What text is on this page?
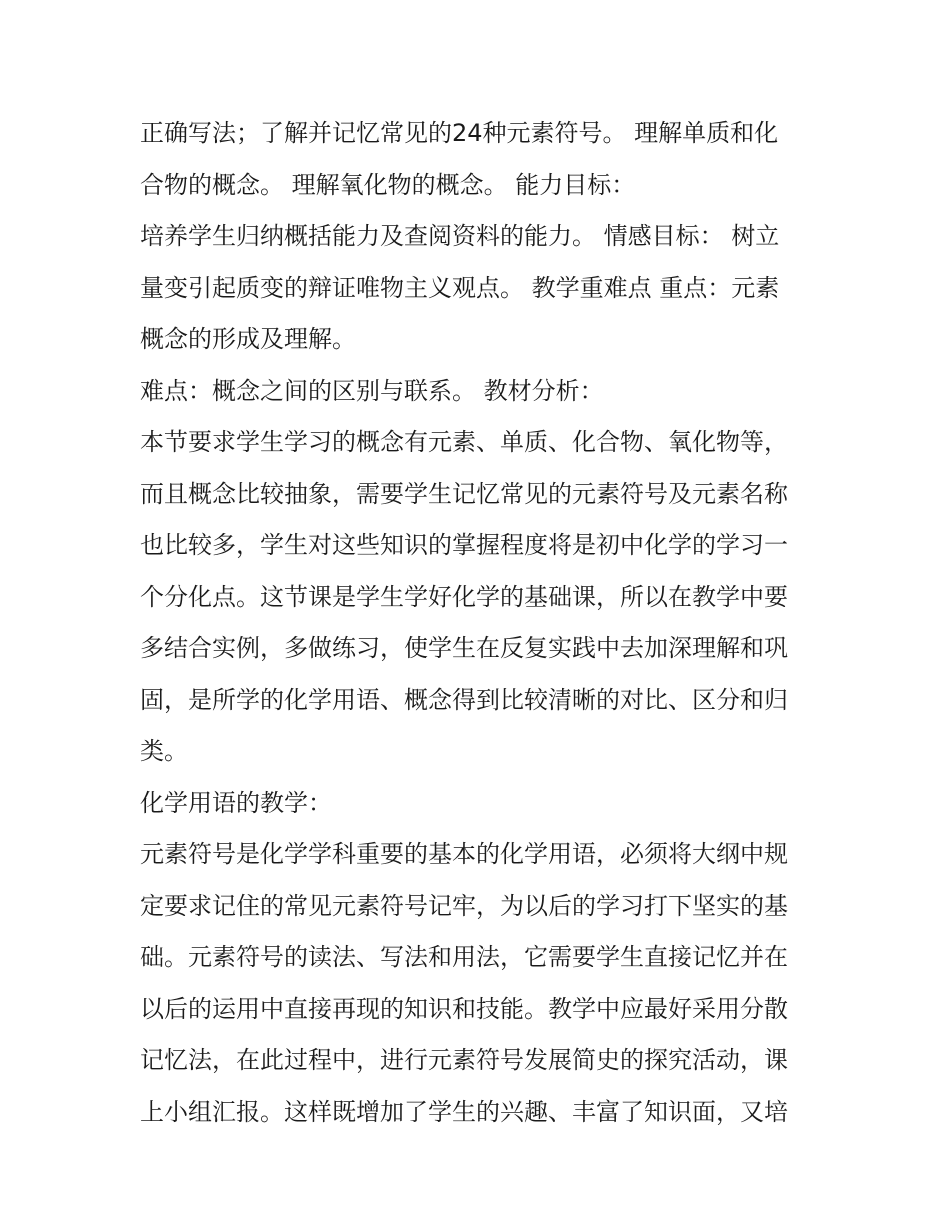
正确写法；了解并记忆常见的24种元素符号。 理解单质和化
合物的概念。 理解氧化物的概念。 能力目标：
培养学生归纳概括能力及查阅资料的能力。 情感目标： 树立
量变引起质变的辩证唯物主义观点。 教学重难点 重点：元素
概念的形成及理解。
难点：概念之间的区别与联系。 教材分析：
本节要求学生学习的概念有元素、单质、化合物、氧化物等，
而且概念比较抽象，需要学生记忆常见的元素符号及元素名称
也比较多，学生对这些知识的掌握程度将是初中化学的学习一
个分化点。这节课是学生学好化学的基础课，所以在教学中要
多结合实例，多做练习，使学生在反复实践中去加深理解和巩
固，是所学的化学用语、概念得到比较清晰的对比、区分和归
类。
化学用语的教学：
元素符号是化学学科重要的基本的化学用语，必须将大纲中规
定要求记住的常见元素符号记牢，为以后的学习打下坚实的基
础。元素符号的读法、写法和用法，它需要学生直接记忆并在
以后的运用中直接再现的知识和技能。教学中应最好采用分散
记忆法，在此过程中，进行元素符号发展简史的探究活动，课
上小组汇报。这样既增加了学生的兴趣、丰富了知识面，又培
